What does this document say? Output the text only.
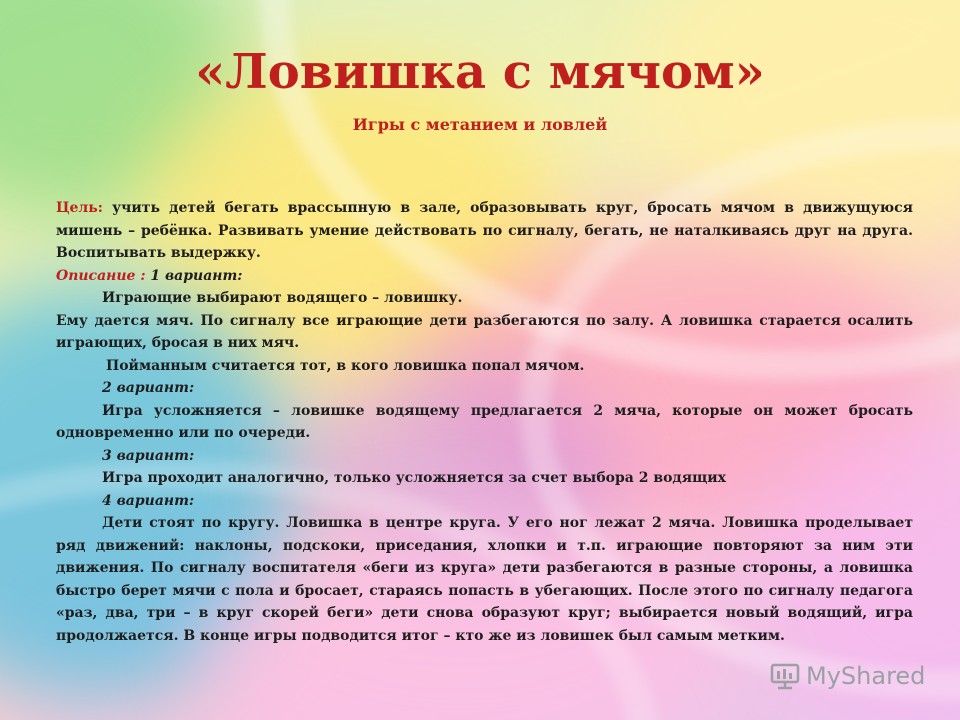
«Ловишка с мячом»
Игры с метанием и ловлей

Цель: учить детей бегать врассыпную в зале, образовывать круг, бросать мячом в движущуюся мишень – ребёнка. Развивать умение действовать по сигналу, бегать, не наталкиваясь друг на друга. Воспитывать выдержку.

Описание : 1 вариант:

Играющие выбирают водящего – ловишку.

Ему дается мяч. По сигналу все играющие дети разбегаются по залу. А ловишка старается осалить играющих, бросая в них мяч.

Пойманным считается тот, в кого ловишка попал мячом.

2 вариант:

Игра усложняется – ловишке водящему предлагается 2 мяча, которые он может бросать одновременно или по очереди.

3 вариант:

Игра проходит аналогично, только усложняется за счет выбора 2 водящих

4 вариант:

Дети стоят по кругу. Ловишка в центре круга. У его ног лежат 2 мяча. Ловишка проделывает ряд движений: наклоны, подскоки, приседания, хлопки и т.п. играющие повторяют за ним эти движения. По сигналу воспитателя «беги из круга» дети разбегаются в разные стороны, а ловишка быстро берет мячи с пола и бросает, стараясь попасть в убегающих. После этого по сигналу педагога «раз, два, три – в круг скорей беги» дети снова образуют круг; выбирается новый водящий, игра продолжается. В конце игры подводится итог – кто же из ловишек был самым метким.

MyShared
